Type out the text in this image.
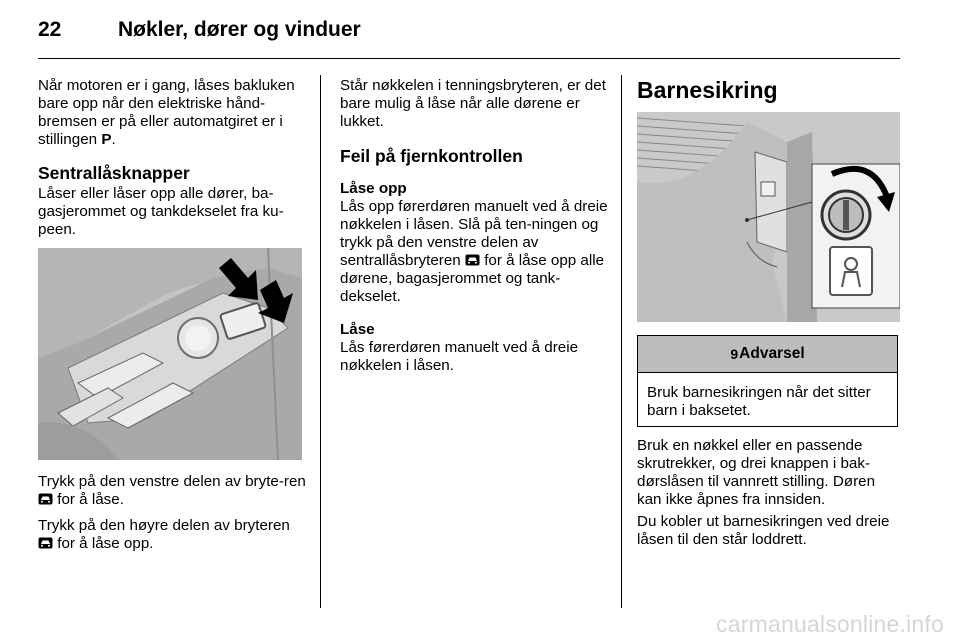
22	Nøkler, dører og vinduer

Når motoren er i gang, låses bakluken bare opp når den elektriske hånd-bremsen er på eller automatgiret er i stillingen P.

Sentrallåsknapper
Låser eller låser opp alle dører, ba-gasjerommet og tankdekselet fra ku-peen.
Trykk på den venstre delen av bryte-ren  for å låse.
Trykk på den høyre delen av bryteren  for å låse opp.
Står nøkkelen i tenningsbryteren, er det bare mulig å låse når alle dørene er lukket.
Feil på fjernkontrollen
Låse opp
Lås opp førerdøren manuelt ved å dreie nøkkelen i låsen. Slå på ten-ningen og trykk på den venstre delen av sentrallåsbryteren for å låse opp alle dørene, bagasjerommet og tank-dekselet.
Låse
Lås førerdøren manuelt ved å dreie nøkkelen i låsen.
Barnesikring
9 Advarsel
Bruk barnesikringen når det sitter barn i baksetet.
Bruk en nøkkel eller en passende skrutrekker, og drei knappen i bak-dørslåsen til vannrett stilling. Døren kan ikke åpnes fra innsiden.
Du kobler ut barnesikringen ved dreie låsen til den står loddrett.
carmanualsonline.info
